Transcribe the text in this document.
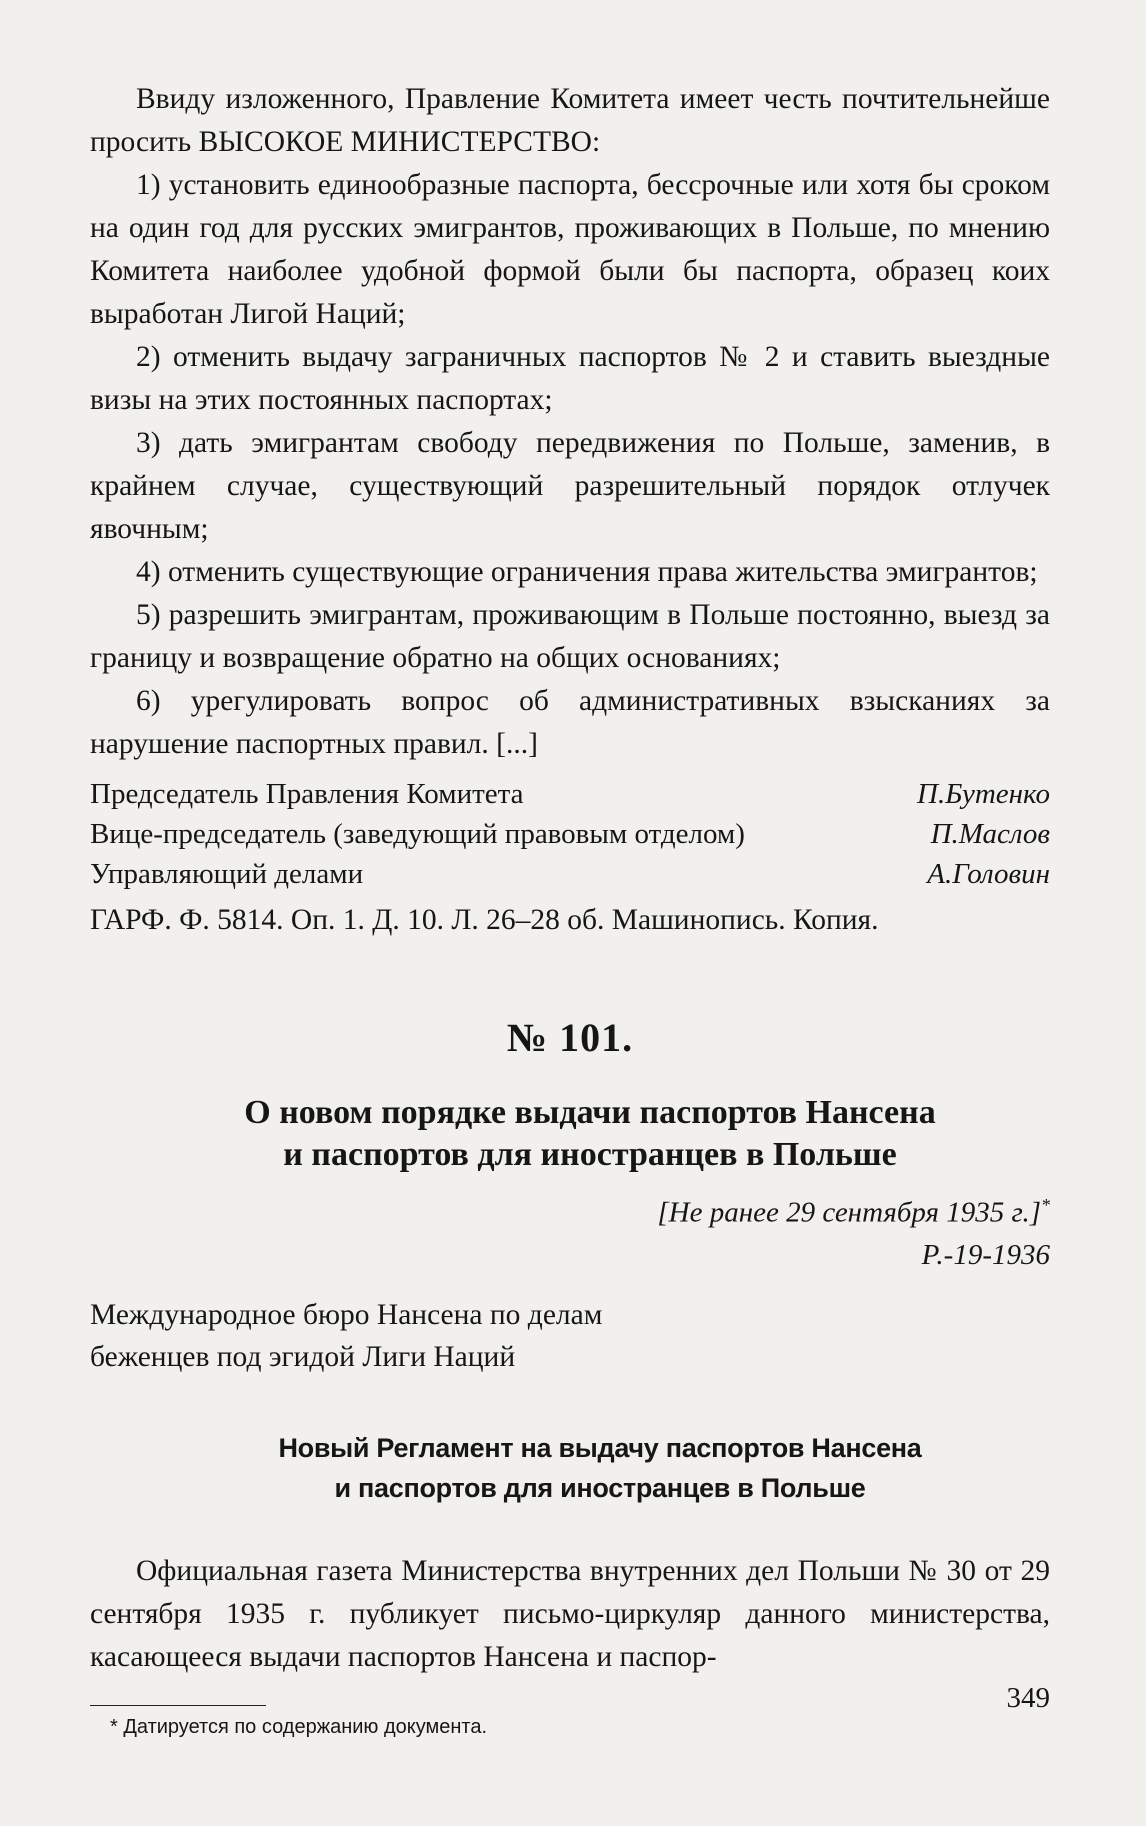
Ввиду изложенного, Правление Комитета имеет честь почтительнейше просить ВЫСОКОЕ МИНИСТЕРСТВО:

1) установить единообразные паспорта, бессрочные или хотя бы сроком на один год для русских эмигрантов, проживающих в Польше, по мнению Комитета наиболее удобной формой были бы паспорта, образец коих выработан Лигой Наций;

2) отменить выдачу заграничных паспортов № 2 и ставить выездные визы на этих постоянных паспортах;

3) дать эмигрантам свободу передвижения по Польше, заменив, в крайнем случае, существующий разрешительный порядок отлучек явочным;

4) отменить существующие ограничения права жительства эмигрантов;

5) разрешить эмигрантам, проживающим в Польше постоянно, выезд за границу и возвращение обратно на общих основаниях;

6) урегулировать вопрос об административных взысканиях за нарушение паспортных правил. [...]

Председатель Правления Комитета	П.Бутенко
Вице-председатель (заведующий правовым отделом)	П.Маслов
Управляющий делами	А.Головин

ГАРФ. Ф. 5814. Оп. 1. Д. 10. Л. 26–28 об. Машинопись. Копия.

№ 101.
О новом порядке выдачи паспортов Нансена
и паспортов для иностранцев в Польше
[Не ранее 29 сентября 1935 г.]*
Р.-19-1936
Международное бюро Нансена по делам
беженцев под эгидой Лиги Наций
Новый Регламент на выдачу паспортов Нансена
и паспортов для иностранцев в Польше

Официальная газета Министерства внутренних дел Польши № 30 от 29 сентября 1935 г. публикует письмо-циркуляр данного министерства, касающееся выдачи паспортов Нансена и паспор-

* Датируется по содержанию документа.

349
